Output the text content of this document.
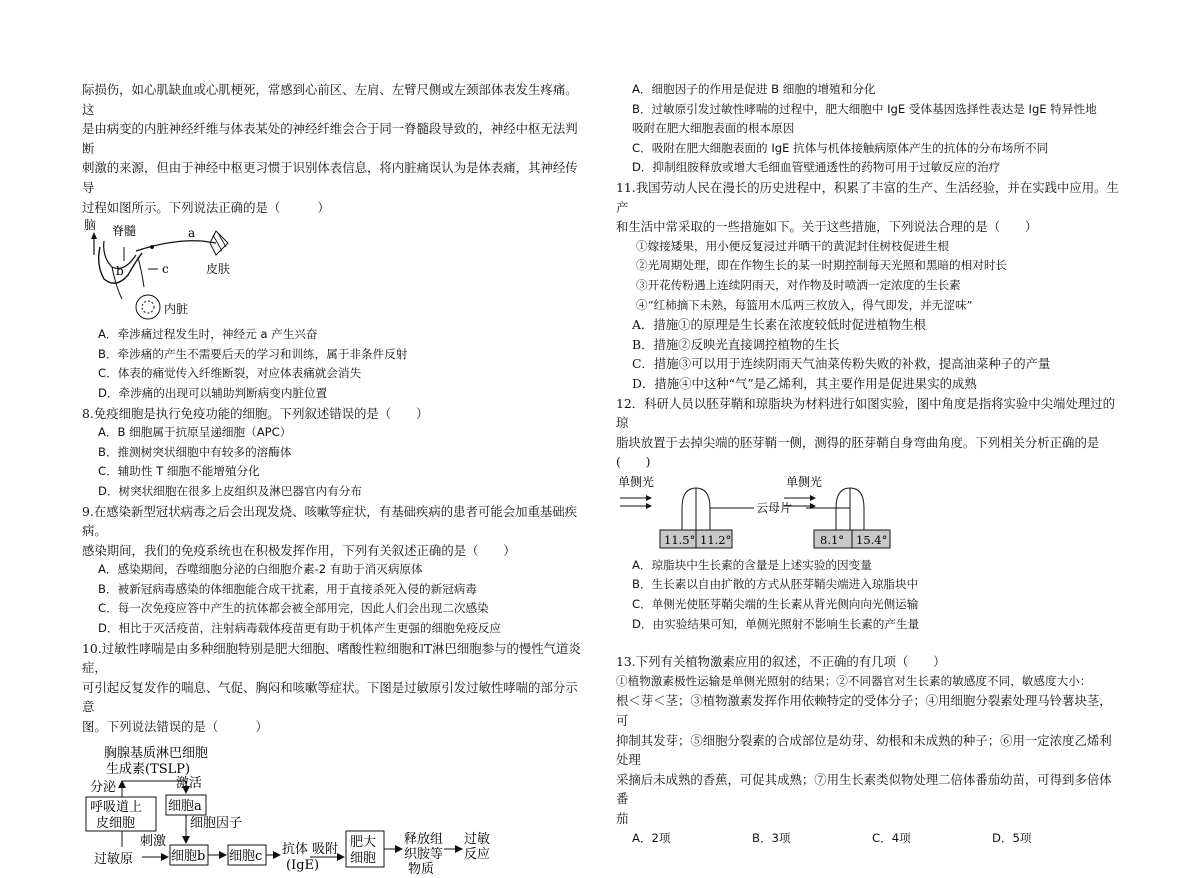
际损伤，如心肌缺血或心肌梗死，常感到心前区、左肩、左臂尺侧或左颈部体表发生疼痛。这

是由病变的内脏神经纤维与体表某处的神经纤维会合于同一脊髓段导致的，神经中枢无法判断

刺激的来源，但由于神经中枢更习惯于识别体表信息，将内脏痛误认为是体表痛，其神经传导

过程如图所示。下列说法正确的是（　　　）

脑 脊髓	a
皮肤
b	c
内脏

A．牵涉痛过程发生时，神经元 a 产生兴奋

B．牵涉痛的产生不需要后天的学习和训练，属于非条件反射

C．体表的痛觉传入纤维断裂，对应体表痛就会消失

D．牵涉痛的出现可以辅助判断病变内脏位置

8.免疫细胞是执行免疫功能的细胞。下列叙述错误的是（　　）

A．B 细胞属于抗原呈递细胞（APC）

B．推测树突状细胞中有较多的溶酶体

C．辅助性 T 细胞不能增殖分化

D．树突状细胞在很多上皮组织及淋巴器官内有分布

9.在感染新型冠状病毒之后会出现发烧、咳嗽等症状，有基础疾病的患者可能会加重基础疾病。

感染期间，我们的免疫系统也在积极发挥作用，下列有关叙述正确的是（　　）

A．感染期间，吞噬细胞分泌的白细胞介素-2 有助于消灭病原体

B．被新冠病毒感染的体细胞能合成干扰素，用于直接杀死入侵的新冠病毒

C．每一次免疫应答中产生的抗体都会被全部用完，因此人们会出现二次感染

D．相比于灭活疫苗，注射病毒载体疫苗更有助于机体产生更强的细胞免疫反应

10.过敏性哮喘是由多种细胞特别是肥大细胞、嗜酸性粒细胞和T淋巴细胞参与的慢性气道炎症，

可引起反复发作的喘息、气促、胸闷和咳嗽等症状。下图是过敏原引发过敏性哮喘的部分示意

图。下列说法错误的是（　　　）

胸腺基质淋巴细胞
生成素(TSLP)
分泌	激活
呼吸道上
皮细胞
细胞a
细胞因子
刺激
过敏原	细胞b 细胞c 抗体
(IgE)
吸附 肥大
细胞
释放组
织胺等
物质
过敏
反应

A．细胞因子的作用是促进 B 细胞的增殖和分化

B．过敏原引发过敏性哮喘的过程中，肥大细胞中 IgE 受体基因选择性表达是 IgE 特异性地

吸附在肥大细胞表面的根本原因

C．吸附在肥大细胞表面的 IgE 抗体与机体接触病原体产生的抗体的分布场所不同

D．抑制组胺释放或增大毛细血管壁通透性的药物可用于过敏反应的治疗

11.我国劳动人民在漫长的历史进程中，积累了丰富的生产、生活经验，并在实践中应用。生产

和生活中常采取的一些措施如下。关于这些措施，下列说法合理的是（　　）

①嫁接矮果，用小便反复浸过并晒干的黄泥封住树枝促进生根

②光周期处理，即在作物生长的某一时期控制每天光照和黑暗的相对时长

③开花传粉遇上连续阴雨天，对作物及时喷洒一定浓度的生长素

④“红柿摘下未熟，每篮用木瓜两三枚放入，得气即发，并无涩味”

A．措施①的原理是生长素在浓度较低时促进植物生根

B．措施②反映光直接调控植物的生长

C．措施③可以用于连续阴雨天气油菜传粉失败的补救，提高油菜种子的产量

D．措施④中这种“气”是乙烯利，其主要作用是促进果实的成熟

12．科研人员以胚芽鞘和琼脂块为材料进行如图实验，图中角度是指将实验中尖端处理过的琼

脂块放置于去掉尖端的胚芽鞘一侧，测得的胚芽鞘自身弯曲角度。下列相关分析正确的是(　　)

单侧光	单侧光
云母片
11.5° 11.2°	8.1° 15.4°

A．琼脂块中生长素的含量是上述实验的因变量

B．生长素以自由扩散的方式从胚芽鞘尖端进入琼脂块中

C．单侧光使胚芽鞘尖端的生长素从背光侧向向光侧运输

D．由实验结果可知，单侧光照射不影响生长素的产生量

13.下列有关植物激素应用的叙述，不正确的有几项（　　）

①植物激素极性运输是单侧光照射的结果；②不同器官对生长素的敏感度不同，敏感度大小：

根＜芽＜茎；③植物激素发挥作用依赖特定的受体分子；④用细胞分裂素处理马铃薯块茎，可

抑制其发芽；⑤细胞分裂素的合成部位是幼芽、幼根和未成熟的种子；⑥用一定浓度乙烯利处理

采摘后未成熟的香蕉，可促其成熟；⑦用生长素类似物处理二倍体番茄幼苗，可得到多倍体番

茄

A．2项	B．3项	C．4项	D．5项
